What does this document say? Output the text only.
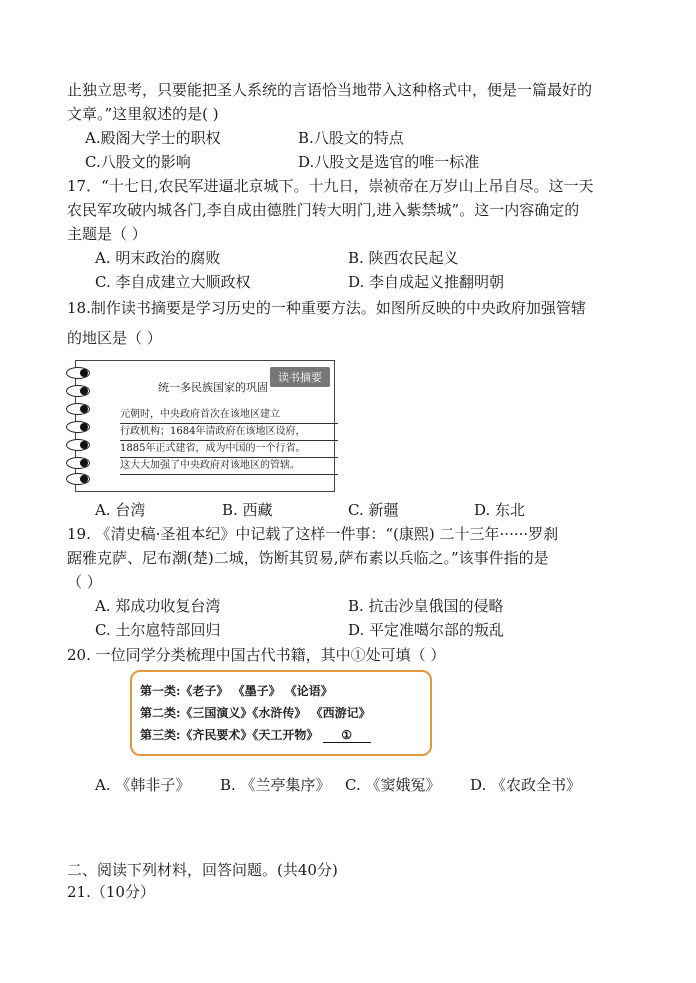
止独立思考，只要能把圣人系统的言语恰当地带入这种格式中，便是一篇最好的
文章。”这里叙述的是( )
A.殿阁大学士的职权	B.八股文的特点
C.八股文的影响	D.八股文是选官的唯一标准
17．“十七日,农民军进逼北京城下。十九日，崇祯帝在万岁山上吊自尽。这一天
农民军攻破内城各门,李自成由德胜门转大明门,进入紫禁城”。这一内容确定的
主题是（ ）
A. 明末政治的腐败	B. 陕西农民起义
C. 李自成建立大顺政权	D. 李自成起义推翻明朝
18.制作读书摘要是学习历史的一种重要方法。如图所反映的中央政府加强管辖
的地区是（ ）
统一多民族国家的巩固
读书摘要
元朝时，中央政府首次在该地区建立
行政机构；1684年清政府在该地区设府，
1885年正式建省，成为中国的一个行省。
这大大加强了中央政府对该地区的管辖。
A. 台湾	B. 西藏	C. 新疆	D. 东北
19. 《清史稿·圣祖本纪》中记载了这样一件事：“(康熙) 二十三年······罗刹
踞雅克萨、尼布潮(楚)二城，饬断其贸易,萨布素以兵临之。”该事件指的是
（ ）
A. 郑成功收复台湾	B. 抗击沙皇俄国的侵略
C. 土尔扈特部回归	D. 平定准噶尔部的叛乱
20. 一位同学分类梳理中国古代书籍，其中①处可填（ ）
第一类:《老子》 《墨子》 《论语》
第二类:《三国演义》《水浒传》 《西游记》
第三类:《齐民要术》《天工开物》 ①
A. 《韩非子》 B. 《兰亭集序》 C. 《窦娥冤》 D. 《农政全书》
二、阅读下列材料，回答问题。(共40分)
21.（10分）
